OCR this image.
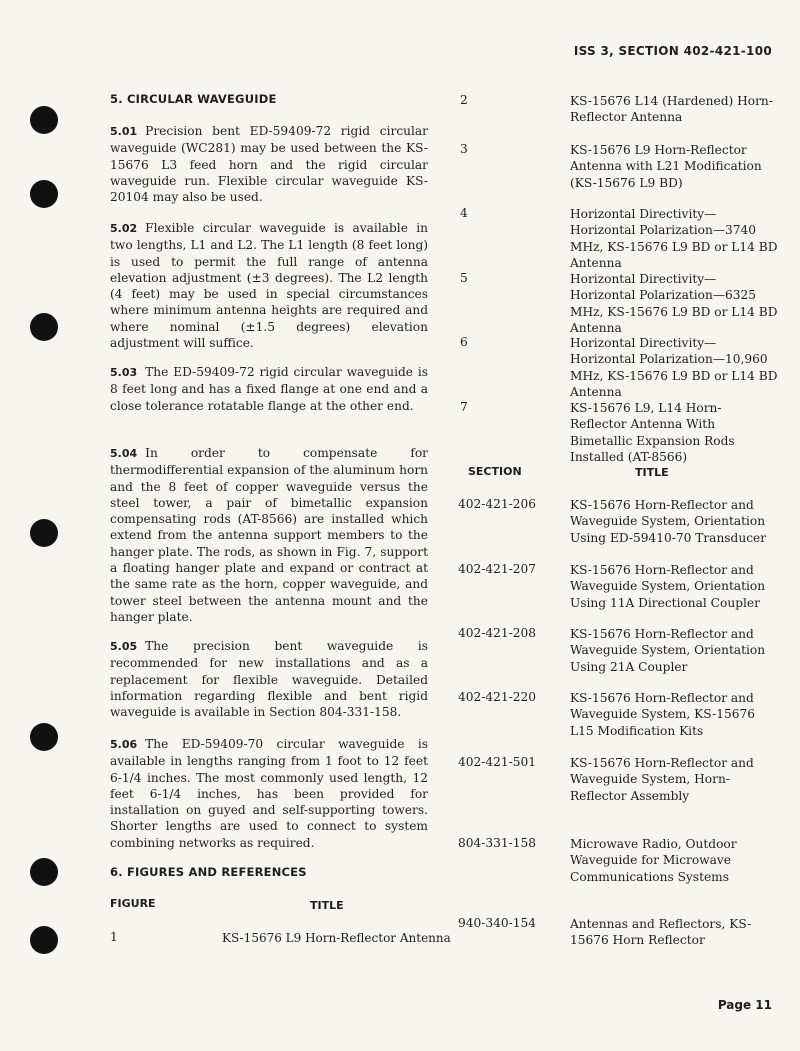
ISS 3, SECTION 402-421-100
5. CIRCULAR WAVEGUIDE
5.01 Precision bent ED-59409-72 rigid circular waveguide (WC281) may be used between the KS-15676 L3 feed horn and the rigid circular waveguide run. Flexible circular waveguide KS-20104 may also be used.
5.02 Flexible circular waveguide is available in two lengths, L1 and L2. The L1 length (8 feet long) is used to permit the full range of antenna elevation adjustment (±3 degrees). The L2 length (4 feet) may be used in special circumstances where minimum antenna heights are required and where nominal (±1.5 degrees) elevation adjustment will suffice.
5.03 The ED-59409-72 rigid circular waveguide is 8 feet long and has a fixed flange at one end and a close tolerance rotatable flange at the other end.
5.04 In order to compensate for thermodifferential expansion of the aluminum horn and the 8 feet of copper waveguide versus the steel tower, a pair of bimetallic expansion compensating rods (AT-8566) are installed which extend from the antenna support members to the hanger plate. The rods, as shown in Fig. 7, support a floating hanger plate and expand or contract at the same rate as the horn, copper waveguide, and tower steel between the antenna mount and the hanger plate.
5.05 The precision bent waveguide is recommended for new installations and as a replacement for flexible waveguide. Detailed information regarding flexible and bent rigid waveguide is available in Section 804-331-158.
5.06 The ED-59409-70 circular waveguide is available in lengths ranging from 1 foot to 12 feet 6-1/4 inches. The most commonly used length, 12 feet 6-1/4 inches, has been provided for installation on guyed and self-supporting towers. Shorter lengths are used to connect to system combining networks as required.
6. FIGURES AND REFERENCES
FIGURE	TITLE
1	KS-15676 L9 Horn-Reflector Antenna
2	KS-15676 L14 (Hardened) Horn-Reflector Antenna
3	KS-15676 L9 Horn-Reflector Antenna with L21 Modification (KS-15676 L9 BD)
4	Horizontal Directivity—Horizontal Polarization—3740 MHz, KS-15676 L9 BD or L14 BD Antenna
5	Horizontal Directivity—Horizontal Polarization—6325 MHz, KS-15676 L9 BD or L14 BD Antenna
6	Horizontal Directivity—Horizontal Polarization—10,960 MHz, KS-15676 L9 BD or L14 BD Antenna
7	KS-15676 L9, L14 Horn-Reflector Antenna With Bimetallic Expansion Rods Installed (AT-8566)
SECTION	TITLE
402-421-206	KS-15676 Horn-Reflector and Waveguide System, Orientation Using ED-59410-70 Transducer
402-421-207	KS-15676 Horn-Reflector and Waveguide System, Orientation Using 11A Directional Coupler
402-421-208	KS-15676 Horn-Reflector and Waveguide System, Orientation Using 21A Coupler
402-421-220	KS-15676 Horn-Reflector and Waveguide System, KS-15676 L15 Modification Kits
402-421-501	KS-15676 Horn-Reflector and Waveguide System, Horn-Reflector Assembly
804-331-158	Microwave Radio, Outdoor Waveguide for Microwave Communications Systems
940-340-154	Antennas and Reflectors, KS-15676 Horn Reflector
Page 11
